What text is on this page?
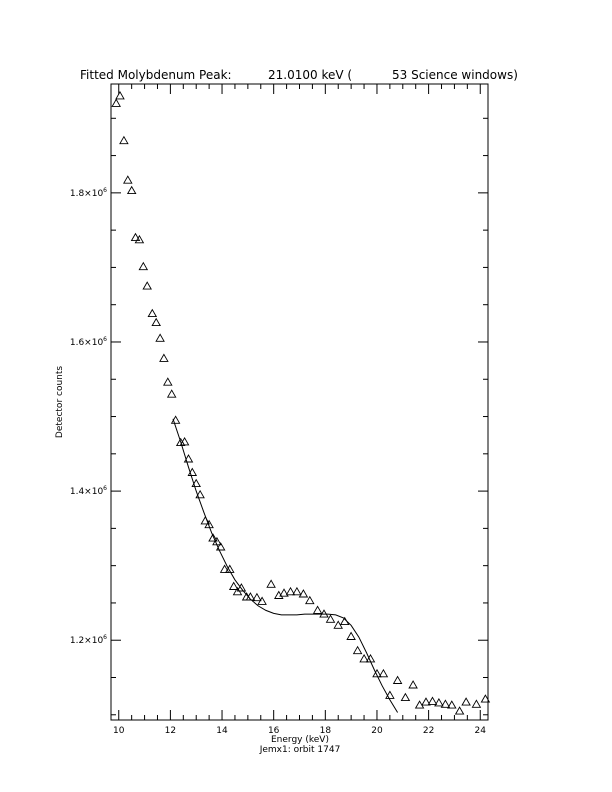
Fitted Molybdenum Peak:	21.0100 keV (	53 Science windows)
10	12	14	16	18	20	22	24
$1.2\times 10^6$
$1.4\times 10^6$
$1.6\times 10^6$
$1.8\times 10^6$
Energy (keV)
Jemx1: orbit 1747
Detector counts
